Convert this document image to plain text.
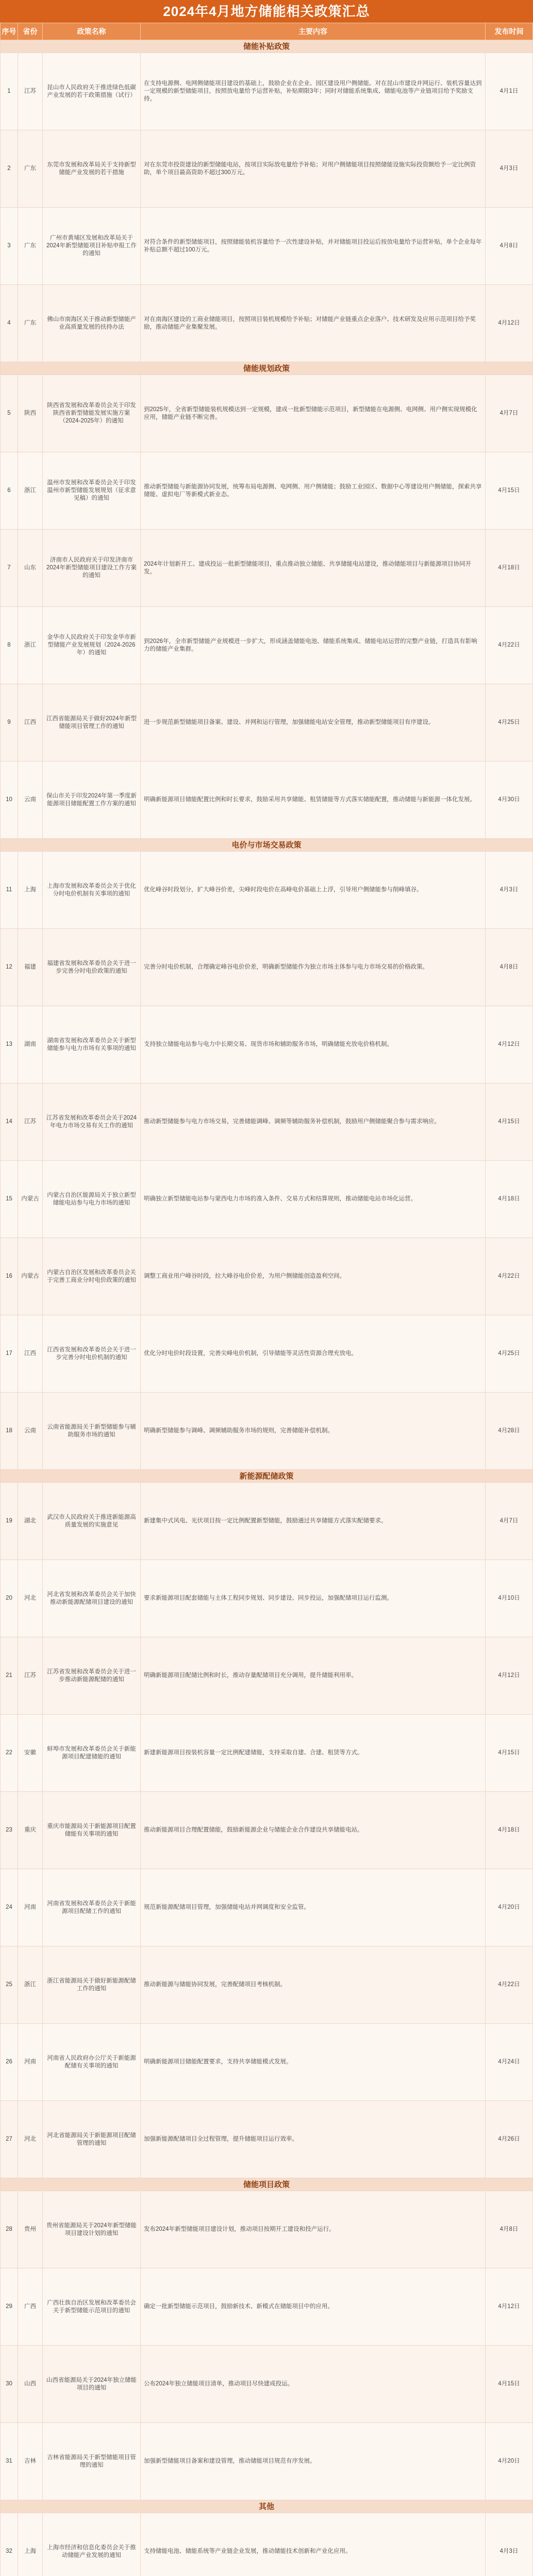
2024年4月地方储能相关政策汇总
序号	省份	政策名称	主要内容	发布时间
储能补贴政策				
1	江苏	昆山市人民政府关于推进绿色低碳产业发展的若干政策措施（试行）	在支持电源侧、电网侧储能项目建设的基础上，鼓励企业在企业、园区建设用户侧储能。对在昆山市建设并网运行、装机容量达到一定规模的新型储能项目，按照放电量给予运营补贴，补贴期限3年；同时对储能系统集成、储能电池等产业链项目给予奖励支持。	4月1日
2	广东	东莞市发展和改革局关于支持新型储能产业发展的若干措施	对在东莞市投资建设的新型储能电站，按项目实际放电量给予补贴；对用户侧储能项目按照储能设施实际投资额给予一定比例资助，单个项目最高资助不超过300万元。	4月3日
3	广东	广州市黄埔区发展和改革局关于2024年新型储能项目补贴申报工作的通知	对符合条件的新型储能项目，按照储能装机容量给予一次性建设补贴，并对储能项目投运后按放电量给予运营补贴，单个企业每年补贴总额不超过100万元。	4月8日
4	广东	佛山市南海区关于推动新型储能产业高质量发展的扶持办法	对在南海区建设的工商业储能项目，按照项目装机规模给予补贴；对储能产业链重点企业落户、技术研发及应用示范项目给予奖励，推动储能产业集聚发展。	4月12日
储能规划政策				
5	陕西	陕西省发展和改革委员会关于印发陕西省新型储能发展实施方案（2024-2025年）的通知	到2025年，全省新型储能装机规模达到一定规模，建成一批新型储能示范项目，新型储能在电源侧、电网侧、用户侧实现规模化应用，储能产业链不断完善。	4月7日
6	浙江	温州市发展和改革委员会关于印发温州市新型储能发展规划（征求意见稿）的通知	推动新型储能与新能源协同发展，统筹布局电源侧、电网侧、用户侧储能；鼓励工业园区、数据中心等建设用户侧储能，探索共享储能、虚拟电厂等新模式新业态。	4月15日
7	山东	济南市人民政府关于印发济南市2024年新型储能项目建设工作方案的通知	2024年计划新开工、建成投运一批新型储能项目，重点推动独立储能、共享储能电站建设，推动储能项目与新能源项目协同开发。	4月18日
8	浙江	金华市人民政府关于印发金华市新型储能产业发展规划（2024-2026年）的通知	到2026年，全市新型储能产业规模进一步扩大，形成涵盖储能电池、储能系统集成、储能电站运营的完整产业链，打造具有影响力的储能产业集群。	4月22日
9	江西	江西省能源局关于做好2024年新型储能项目管理工作的通知	进一步规范新型储能项目备案、建设、并网和运行管理，加强储能电站安全管理，推动新型储能项目有序建设。	4月25日
10	云南	保山市关于印发2024年第一季度新能源项目储能配置工作方案的通知	明确新能源项目储能配置比例和时长要求，鼓励采用共享储能、租赁储能等方式落实储能配置，推动储能与新能源一体化发展。	4月30日
电价与市场交易政策				
11	上海	上海市发展和改革委员会关于优化分时电价机制有关事项的通知	优化峰谷时段划分，扩大峰谷价差，尖峰时段电价在高峰电价基础上上浮，引导用户侧储能参与削峰填谷。	4月3日
12	福建	福建省发展和改革委员会关于进一步完善分时电价政策的通知	完善分时电价机制，合理确定峰谷电价价差，明确新型储能作为独立市场主体参与电力市场交易的价格政策。	4月8日
13	湖南	湖南省发展和改革委员会关于新型储能参与电力市场有关事项的通知	支持独立储能电站参与电力中长期交易、现货市场和辅助服务市场，明确储能充放电价格机制。	4月12日
14	江苏	江苏省发展和改革委员会关于2024年电力市场交易有关工作的通知	推动新型储能参与电力市场交易，完善储能调峰、调频等辅助服务补偿机制，鼓励用户侧储能聚合参与需求响应。	4月15日
15	内蒙古	内蒙古自治区能源局关于独立新型储能电站参与电力市场的通知	明确独立新型储能电站参与蒙西电力市场的准入条件、交易方式和结算规则，推动储能电站市场化运营。	4月18日
16	内蒙古	内蒙古自治区发展和改革委员会关于完善工商业分时电价政策的通知	调整工商业用户峰谷时段，拉大峰谷电价价差，为用户侧储能创造盈利空间。	4月22日
17	江西	江西省发展和改革委员会关于进一步完善分时电价机制的通知	优化分时电价时段设置，完善尖峰电价机制，引导储能等灵活性资源合理充放电。	4月25日
18	云南	云南省能源局关于新型储能参与辅助服务市场的通知	明确新型储能参与调峰、调频辅助服务市场的规则，完善储能补偿机制。	4月28日
新能源配储政策				
19	湖北	武汉市人民政府关于推进新能源高质量发展的实施意见	新建集中式风电、光伏项目按一定比例配置新型储能，鼓励通过共享储能方式落实配储要求。	4月7日
20	河北	河北省发展和改革委员会关于加快推动新能源配储项目建设的通知	要求新能源项目配套储能与主体工程同步规划、同步建设、同步投运，加强配储项目运行监测。	4月10日
21	江苏	江苏省发展和改革委员会关于进一步推动新能源配储的通知	明确新能源项目配储比例和时长，推动存量配储项目充分调用，提升储能利用率。	4月12日
22	安徽	蚌埠市发展和改革委员会关于新能源项目配建储能的通知	新建新能源项目按装机容量一定比例配建储能，支持采取自建、合建、租赁等方式。	4月15日
23	重庆	重庆市能源局关于新能源项目配置储能有关事项的通知	推动新能源项目合理配置储能，鼓励新能源企业与储能企业合作建设共享储能电站。	4月18日
24	河南	河南省发展和改革委员会关于新能源项目配储工作的通知	规范新能源配储项目管理，加强储能电站并网调度和安全监管。	4月20日
25	浙江	浙江省能源局关于做好新能源配储工作的通知	推动新能源与储能协同发展，完善配储项目考核机制。	4月22日
26	河南	河南省人民政府办公厅关于新能源配储有关事项的通知	明确新能源项目储能配置要求，支持共享储能模式发展。	4月24日
27	河北	河北省能源局关于新能源项目配储管理的通知	加强新能源配储项目全过程管理，提升储能项目运行效率。	4月26日
储能项目政策				
28	贵州	贵州省能源局关于2024年新型储能项目建设计划的通知	发布2024年新型储能项目建设计划，推动项目按期开工建设和投产运行。	4月8日
29	广西	广西壮族自治区发展和改革委员会关于新型储能示范项目的通知	确定一批新型储能示范项目，鼓励新技术、新模式在储能项目中的应用。	4月12日
30	山西	山西省能源局关于2024年独立储能项目的通知	公布2024年独立储能项目清单，推动项目尽快建成投运。	4月15日
31	吉林	吉林省能源局关于新型储能项目管理的通知	加强新型储能项目备案和建设管理，推动储能项目规范有序发展。	4月20日
其他				
32	上海	上海市经济和信息化委员会关于推动储能产业发展的通知	支持储能电池、储能系统等产业链企业发展，推动储能技术创新和产业化应用。	4月3日
